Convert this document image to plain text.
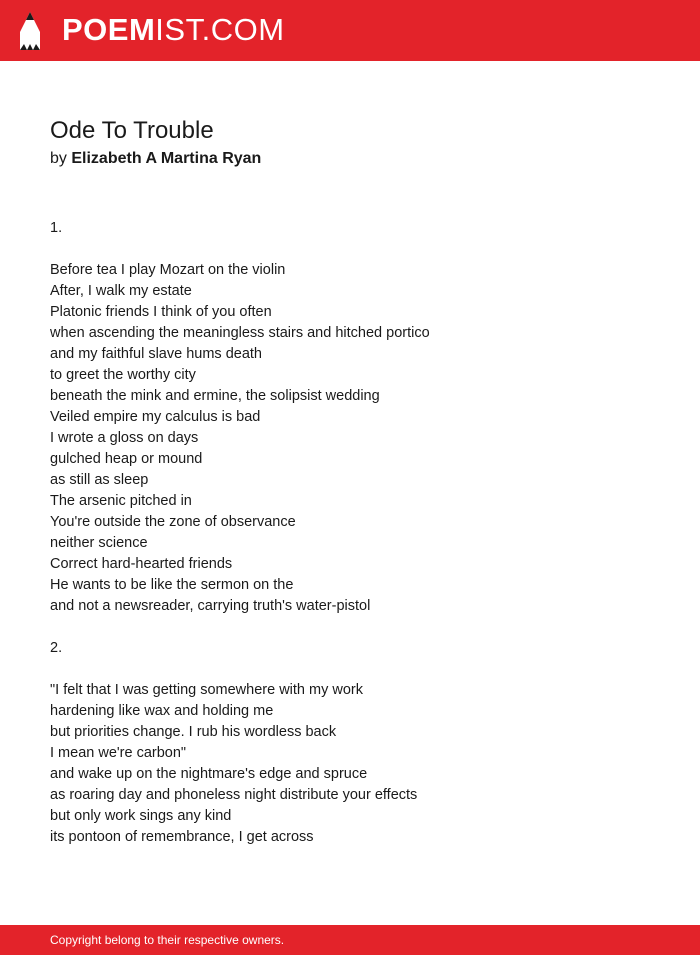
POEMIST.COM
Ode To Trouble
by Elizabeth A Martina Ryan
1.
Before tea I play Mozart on the violin
After, I walk my estate
Platonic friends I think of you often
when ascending the meaningless stairs and hitched portico
and my faithful slave hums death
to greet the worthy city
beneath the mink and ermine, the solipsist wedding
Veiled empire my calculus is bad
I wrote a gloss on days
gulched heap or mound
as still as sleep
The arsenic pitched in
You're outside the zone of observance
neither science
Correct hard-hearted friends
He wants to be like the sermon on the
and not a newsreader, carrying truth's water-pistol
2.
"I felt that I was getting somewhere with my work
hardening like wax and holding me
but priorities change. I rub his wordless back
I mean we're carbon"
and wake up on the nightmare's edge and spruce
as roaring day and phoneless night distribute your effects
but only work sings any kind
its pontoon of remembrance, I get across
Copyright belong to their respective owners.
